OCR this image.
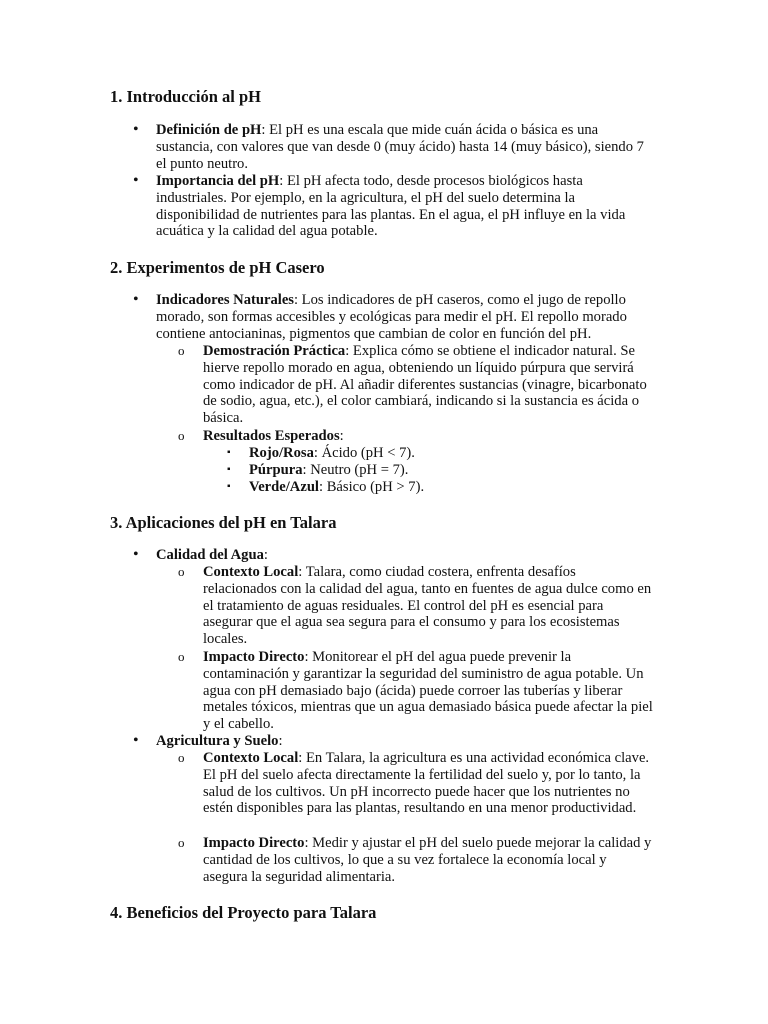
1. Introducción al pH

• Definición de pH: El pH es una escala que mide cuán ácida o básica es una sustancia, con valores que van desde 0 (muy ácido) hasta 14 (muy básico), siendo 7 el punto neutro.

• Importancia del pH: El pH afecta todo, desde procesos biológicos hasta industriales. Por ejemplo, en la agricultura, el pH del suelo determina la disponibilidad de nutrientes para las plantas. En el agua, el pH influye en la vida acuática y la calidad del agua potable.

2. Experimentos de pH Casero

• Indicadores Naturales: Los indicadores de pH caseros, como el jugo de repollo morado, son formas accesibles y ecológicas para medir el pH. El repollo morado contiene antocianinas, pigmentos que cambian de color en función del pH.

o Demostración Práctica: Explica cómo se obtiene el indicador natural. Se hierve repollo morado en agua, obteniendo un líquido púrpura que servirá como indicador de pH. Al añadir diferentes sustancias (vinagre, bicarbonato de sodio, agua, etc.), el color cambiará, indicando si la sustancia es ácida o básica.

o Resultados Esperados:

▪ Rojo/Rosa: Ácido (pH < 7).

▪ Púrpura: Neutro (pH = 7).

▪ Verde/Azul: Básico (pH > 7).

3. Aplicaciones del pH en Talara

• Calidad del Agua:

o Contexto Local: Talara, como ciudad costera, enfrenta desafíos relacionados con la calidad del agua, tanto en fuentes de agua dulce como en el tratamiento de aguas residuales. El control del pH es esencial para asegurar que el agua sea segura para el consumo y para los ecosistemas locales.

o Impacto Directo: Monitorear el pH del agua puede prevenir la contaminación y garantizar la seguridad del suministro de agua potable. Un agua con pH demasiado bajo (ácida) puede corroer las tuberías y liberar metales tóxicos, mientras que un agua demasiado básica puede afectar la piel y el cabello.

• Agricultura y Suelo:

o Contexto Local: En Talara, la agricultura es una actividad económica clave. El pH del suelo afecta directamente la fertilidad del suelo y, por lo tanto, la salud de los cultivos. Un pH incorrecto puede hacer que los nutrientes no estén disponibles para las plantas, resultando en una menor productividad.

o Impacto Directo: Medir y ajustar el pH del suelo puede mejorar la calidad y cantidad de los cultivos, lo que a su vez fortalece la economía local y asegura la seguridad alimentaria.

4. Beneficios del Proyecto para Talara
